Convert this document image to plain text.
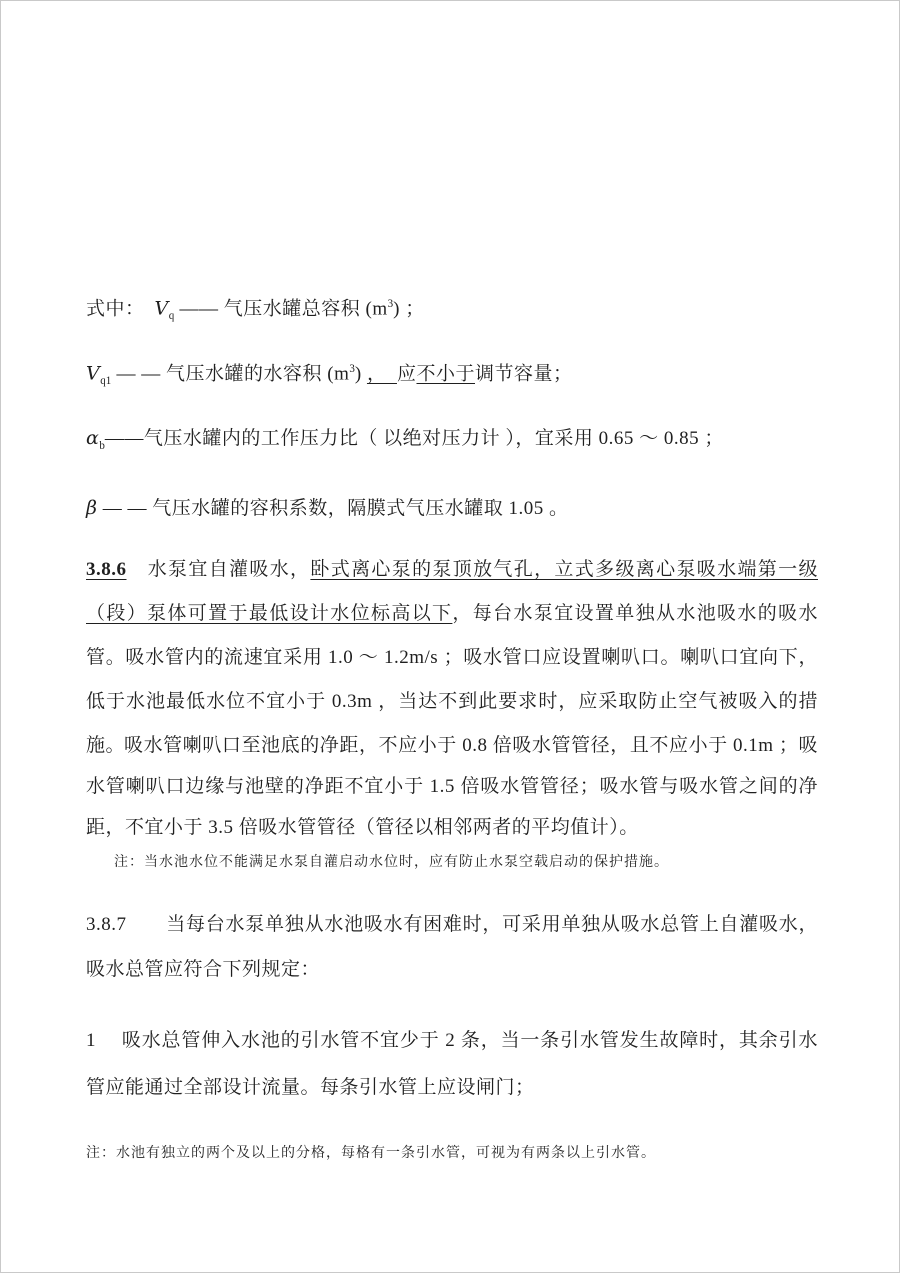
式中：　$V_q$ —— 气压水罐总容积 $(m^3)$ ；
$V_{q1}$ — — 气压水罐的水容积 $(m^3)$ ，  应不小于调节容量；
$\alpha_b——$气压水罐内的工作压力比（ 以绝对压力计 ），宜采用 0.65 ～ 0.85 ；
β — — 气压水罐的容积系数，隔膜式气压水罐取 1.05 。
3.8.6　 水泵宜自灌吸水，卧式离心泵的泵顶放气孔，立式多级离心泵吸水端第一级（段）泵体可置于最低设计水位标高以下，每台水泵宜设置单独从水池吸水的吸水管。吸水管内的流速宜采用 1.0 ～ 1.2m/s ；吸水管口应设置喇叭口。喇叭口宜向下，低于水池最低水位不宜小于 0.3m ，当达不到此要求时，应采取防止空气被吸入的措施。
吸水管喇叭口至池底的净距，不应小于 0.8 倍吸水管管径，且不应小于 0.1m ；吸水管喇叭口边缘与池壁的净距不宜小于 1.5 倍吸水管管径；吸水管与吸水管之间的净距，不宜小于 3.5 倍吸水管管径（管径以相邻两者的平均值计）。
注：当水池水位不能满足水泵自灌启动水位时，应有防止水泵空载启动的保护措施。
3.8.7　　当每台水泵单独从水池吸水有困难时，可采用单独从吸水总管上自灌吸水，吸水总管应符合下列规定：
1　 吸水总管伸入水池的引水管不宜少于 2 条，当一条引水管发生故障时，其余引水管应能通过全部设计流量。每条引水管上应设闸门；
注：水池有独立的两个及以上的分格，每格有一条引水管，可视为有两条以上引水管。
